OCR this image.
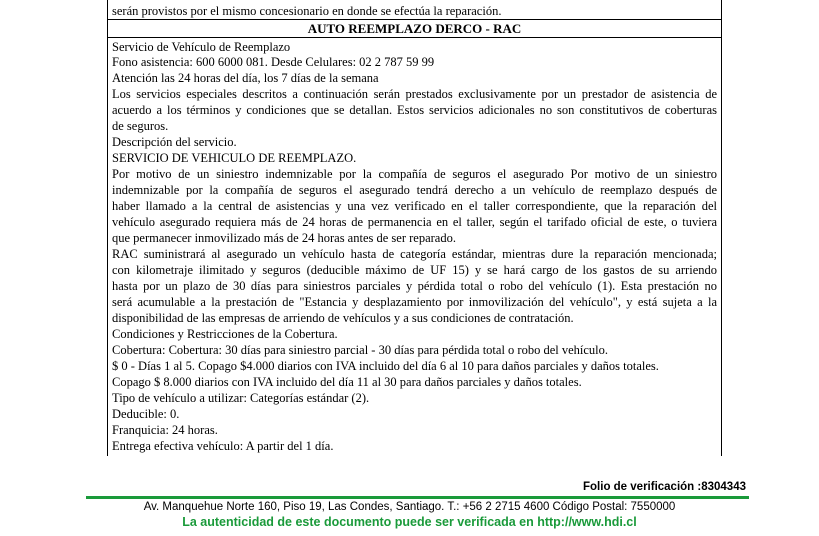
serán provistos por el mismo concesionario en donde se efectúa la reparación.
AUTO REEMPLAZO DERCO - RAC
Servicio de Vehículo de Reemplazo
Fono asistencia: 600 6000 081. Desde Celulares: 02 2 787 59 99
Atención las 24 horas del día, los 7 días de la semana
Los servicios especiales descritos a continuación serán prestados exclusivamente por un prestador de asistencia de
acuerdo a los términos y condiciones que se detallan. Estos servicios adicionales no son constitutivos de coberturas
de seguros.
Descripción del servicio.
SERVICIO DE VEHICULO DE REEMPLAZO.
Por motivo de un siniestro indemnizable por la compañía de seguros el asegurado Por motivo de un siniestro
indemnizable por la compañía de seguros el asegurado tendrá derecho a un vehículo de reemplazo después de
haber llamado a la central de asistencias y una vez verificado en el taller correspondiente, que la reparación del
vehículo asegurado requiera más de 24 horas de permanencia en el taller, según el tarifado oficial de este, o tuviera
que permanecer inmovilizado más de 24 horas antes de ser reparado.
RAC suministrará al asegurado un vehículo hasta de categoría estándar, mientras dure la reparación mencionada;
con kilometraje ilimitado y seguros (deducible máximo de UF 15) y se hará cargo de los gastos de su arriendo
hasta por un plazo de 30 días para siniestros parciales y pérdida total o robo del vehículo (1). Esta prestación no
será acumulable a la prestación de "Estancia y desplazamiento por inmovilización del vehículo", y está sujeta a la
disponibilidad de las empresas de arriendo de vehículos y a sus condiciones de contratación.
Condiciones y Restricciones de la Cobertura.
Cobertura: Cobertura: 30 días para siniestro parcial - 30 días para pérdida total o robo del vehículo.
$ 0 - Días 1 al 5. Copago $4.000 diarios con IVA incluido del día 6 al 10 para daños parciales y daños totales.
Copago $ 8.000 diarios con IVA incluido del día 11 al 30 para daños parciales y daños totales.
Tipo de vehículo a utilizar: Categorías estándar (2).
Deducible: 0.
Franquicia: 24 horas.
Entrega efectiva vehículo: A partir del 1 día.
Folio de verificación :8304343
Av. Manquehue Norte 160, Piso 19, Las Condes, Santiago. T.: +56 2 2715 4600 Código Postal: 7550000
La autenticidad de este documento puede ser verificada en http://www.hdi.cl
